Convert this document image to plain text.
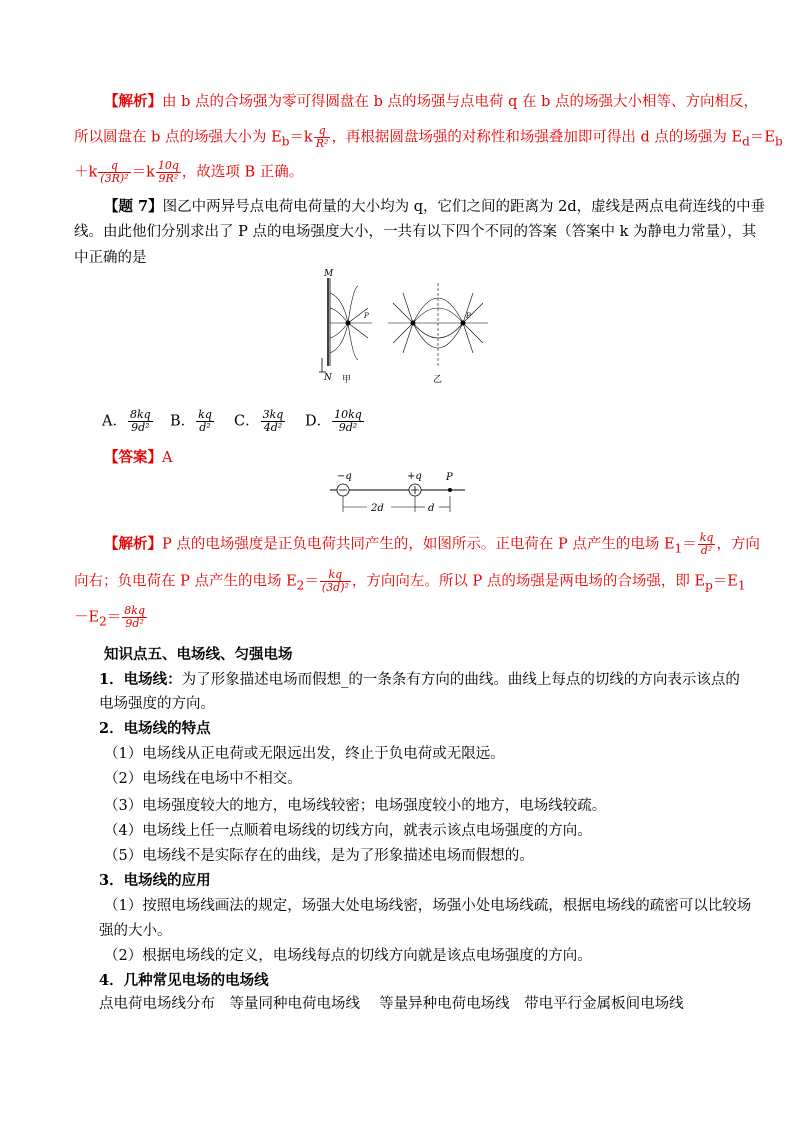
【解析】由 b 点的合场强为零可得圆盘在 b 点的场强与点电荷 q 在 b 点的场强大小相等、方向相反，
所以圆盘在 b 点的场强大小为 $E_b=k \frac{q}{\text{R²}}$ ，再根据圆盘场强的对称性和场强叠加即可得出 d 点的场强为 $E_d=E_b$
$+k \frac{q}{\text{(3R)²}} =k \frac{10q}{\text{9R²}}$ ，故选项 B 正确。
【题 7】图乙中两异号点电荷电荷量的大小均为 q，它们之间的距离为 2d，虚线是两点电荷连线的中垂
线。由此他们分别求出了 P 点的电场强度大小，一共有以下四个不同的答案（答案中 k 为静电力常量），其
中正确的是
M
N
P
甲
P
乙
A． $\frac{8kq}{\text{9d²}}$ B． $\frac{kq}{\text{d²}}$ C． $\frac{3kq}{\text{4d²}}$ D． $\frac{10kq}{\text{9d²}}$
【答案】A
−q	+q P
2d	d
【解析】P 点的电场强度是正负电荷共同产生的，如图所示。正电荷在 P 点产生的电场 $E_1= \frac{kq}{\text{d²}}$ ，方向
向右；负电荷在 P 点产生的电场 $E_2= \frac{kq}{\text{(3d)²}}$ ，方向向左。所以 P 点的场强是两电场的合场强，即 $E_p=E_1$
$-E_2= \frac{8kq}{\text{9d²}}$
知识点五、电场线、匀强电场
1．电场线：为了形象描述电场而假想_的一条条有方向的曲线。曲线上每点的切线的方向表示该点的
电场强度的方向。
2．电场线的特点
（1）电场线从正电荷或无限远出发，终止于负电荷或无限远。
（2）电场线在电场中不相交。
（3）电场强度较大的地方，电场线较密；电场强度较小的地方，电场线较疏。
（4）电场线上任一点顺着电场线的切线方向，就表示该点电场强度的方向。
（5）电场线不是实际存在的曲线，是为了形象描述电场而假想的。
3．电场线的应用
（1）按照电场线画法的规定，场强大处电场线密，场强小处电场线疏，根据电场线的疏密可以比较场
强的大小。
（2）根据电场线的定义，电场线每点的切线方向就是该点电场强度的方向。
4．几种常见电场的电场线
点电荷电场线分布　等量同种电荷电场线　 等量异种电荷电场线　带电平行金属板间电场线
